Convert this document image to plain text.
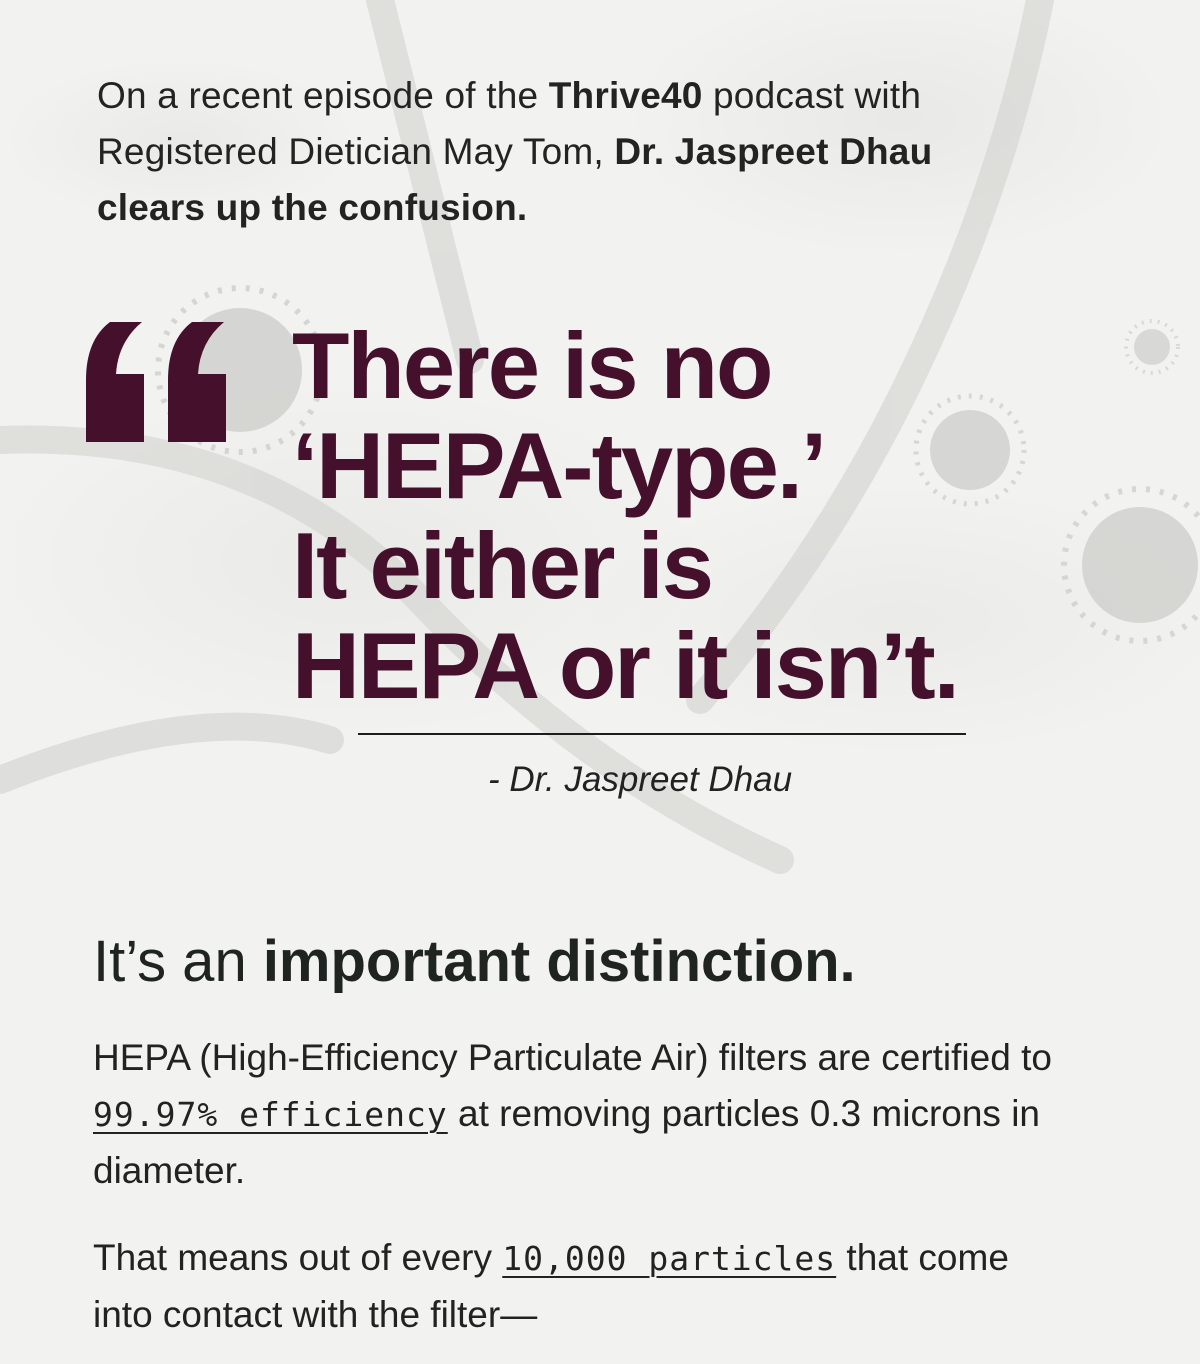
On a recent episode of the Thrive40 podcast with Registered Dietician May Tom, Dr. Jaspreet Dhau clears up the confusion.
There is no
‘HEPA-type.’
It either is
HEPA or it isn’t.
- Dr. Jaspreet Dhau
It’s an important distinction.
HEPA (High-Efficiency Particulate Air) filters are certified to 99.97% efficiency at removing particles 0.3 microns in diameter.
That means out of every 10,000 particles that come into contact with the filter—
